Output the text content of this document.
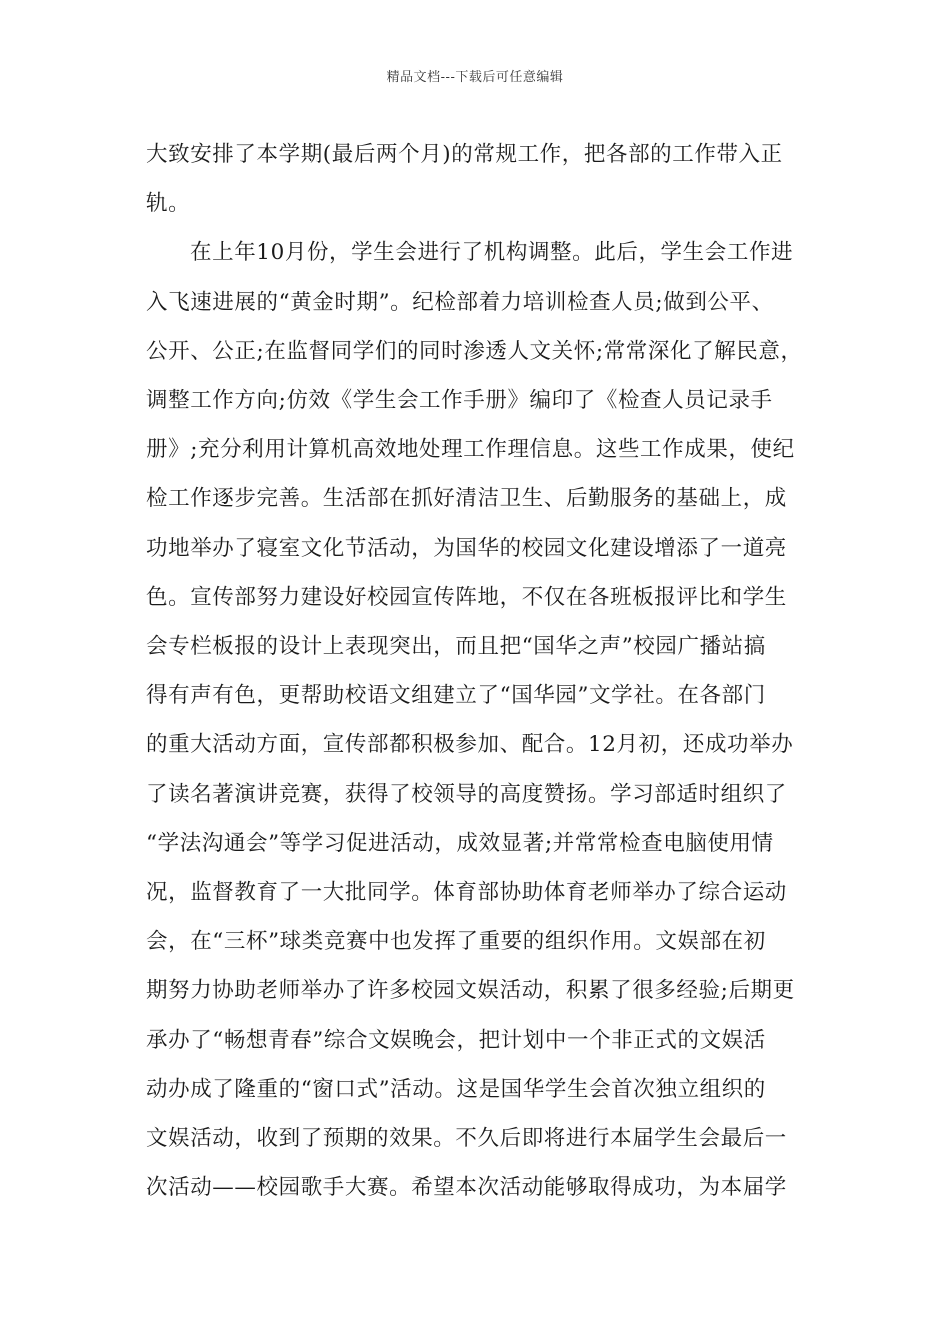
精品文档---下载后可任意编辑
大致安排了本学期(最后两个月)的常规工作，把各部的工作带入正
轨。
在上年10月份，学生会进行了机构调整。此后，学生会工作进
入飞速进展的“黄金时期”。纪检部着力培训检查人员;做到公平、
公开、公正;在监督同学们的同时渗透人文关怀;常常深化了解民意，
调整工作方向;仿效《学生会工作手册》编印了《检查人员记录手
册》;充分利用计算机高效地处理工作理信息。这些工作成果，使纪
检工作逐步完善。生活部在抓好清洁卫生、后勤服务的基础上，成
功地举办了寝室文化节活动，为国华的校园文化建设增添了一道亮
色。宣传部努力建设好校园宣传阵地，不仅在各班板报评比和学生
会专栏板报的设计上表现突出，而且把“国华之声”校园广播站搞
得有声有色，更帮助校语文组建立了“国华园”文学社。在各部门
的重大活动方面，宣传部都积极参加、配合。12月初，还成功举办
了读名著演讲竞赛，获得了校领导的高度赞扬。学习部适时组织了
“学法沟通会”等学习促进活动，成效显著;并常常检查电脑使用情
况，监督教育了一大批同学。体育部协助体育老师举办了综合运动
会，在“三杯”球类竞赛中也发挥了重要的组织作用。文娱部在初
期努力协助老师举办了许多校园文娱活动，积累了很多经验;后期更
承办了“畅想青春”综合文娱晚会，把计划中一个非正式的文娱活
动办成了隆重的“窗口式”活动。这是国华学生会首次独立组织的
文娱活动，收到了预期的效果。不久后即将进行本届学生会最后一
次活动——校园歌手大赛。希望本次活动能够取得成功，为本届学
